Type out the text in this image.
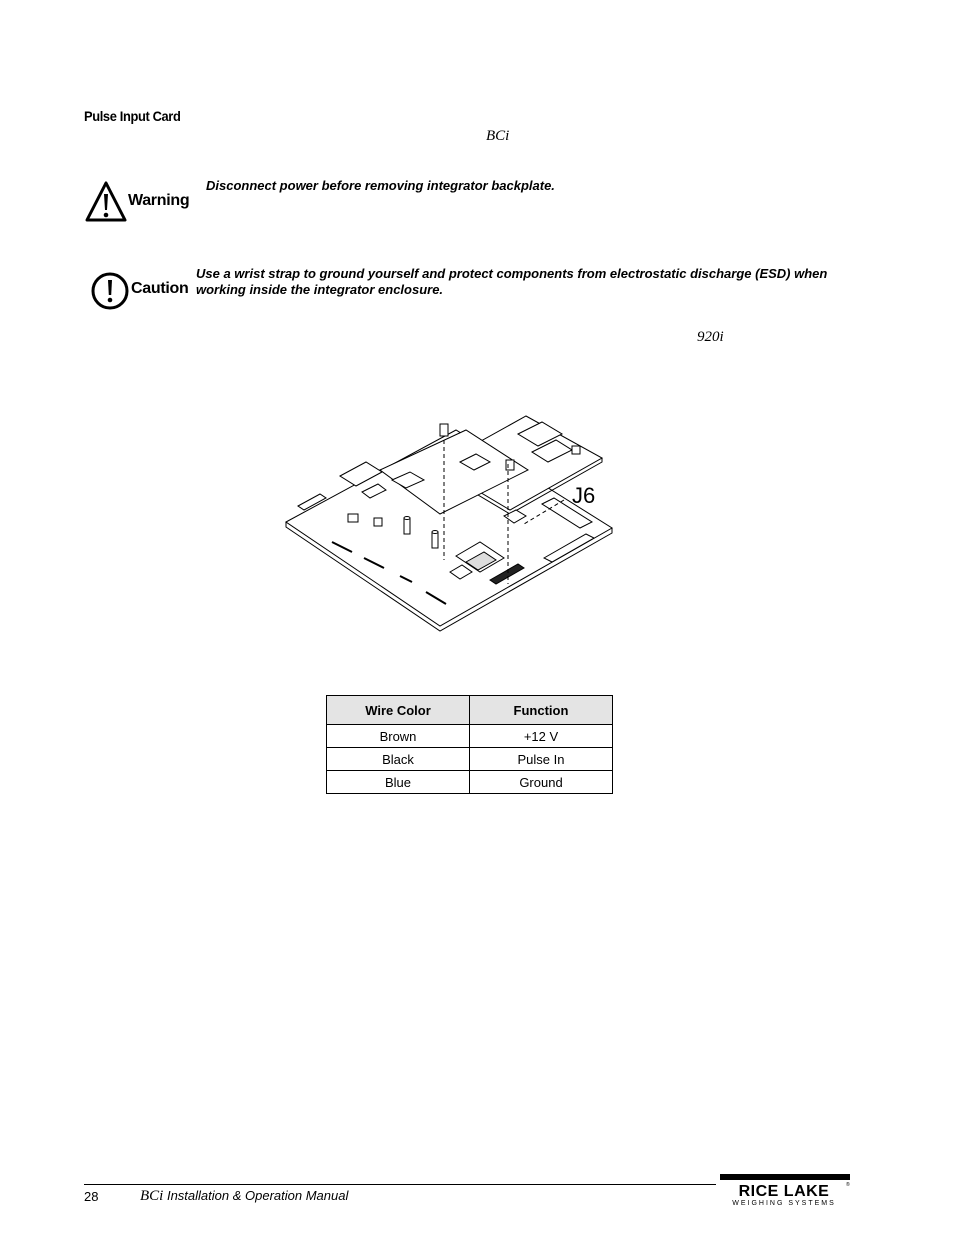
Pulse Input Card
BCi
Warning
Disconnect power before removing integrator backplate.
Caution
Use a wrist strap to ground yourself and protect components from electrostatic discharge (ESD) when working inside the integrator enclosure.
920i
J6
Wire Color	Function
Brown	+12 V
Black	Pulse In
Blue	Ground
28	BCi Installation & Operation Manual	RICE LAKE	®
WEIGHING SYSTEMS
